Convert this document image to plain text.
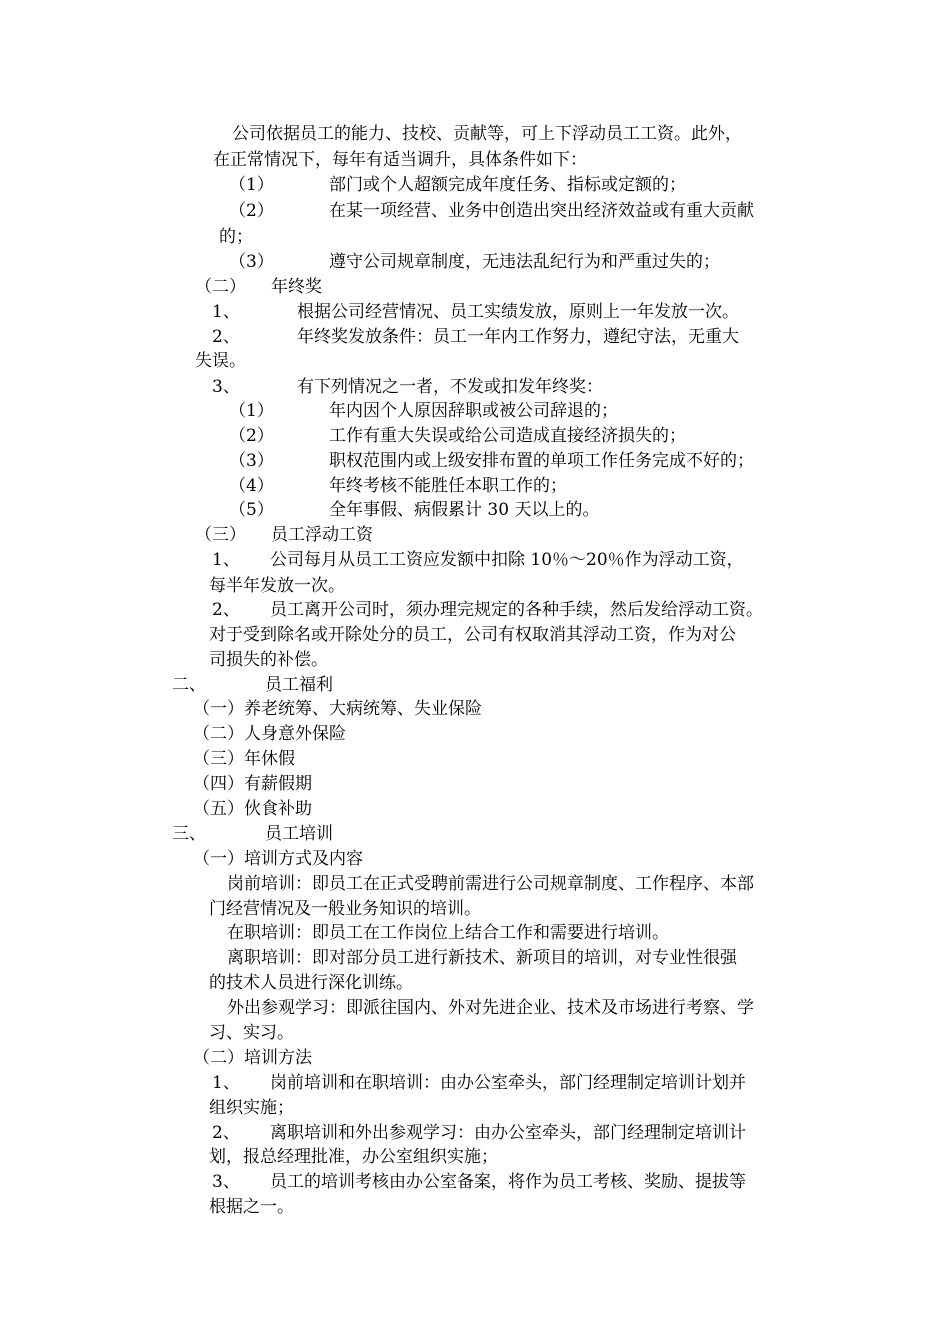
公司依据员工的能力、技校、贡献等，可上下浮动员工工资。此外，
在正常情况下，每年有适当调升，具体条件如下：
（1）	部门或个人超额完成年度任务、指标或定额的；
（2）	在某一项经营、业务中创造出突出经济效益或有重大贡献
的；
（3）	遵守公司规章制度，无违法乱纪行为和严重过失的；
（二） 年终奖
1、	根据公司经营情况、员工实绩发放，原则上一年发放一次。
2、	年终奖发放条件：员工一年内工作努力，遵纪守法，无重大
失误。
3、	有下列情况之一者，不发或扣发年终奖：
（1）	年内因个人原因辞职或被公司辞退的；
（2）	工作有重大失误或给公司造成直接经济损失的；
（3）	职权范围内或上级安排布置的单项工作任务完成不好的；
（4）	年终考核不能胜任本职工作的；
（5）	全年事假、病假累计 30 天以上的。
（三） 员工浮动工资
1、 公司每月从员工工资应发额中扣除 10％～20％作为浮动工资，
每半年发放一次。
2、 员工离开公司时，须办理完规定的各种手续，然后发给浮动工资。
对于受到除名或开除处分的员工，公司有权取消其浮动工资，作为对公
司损失的补偿。
二、	员工福利
（一）养老统筹、大病统筹、失业保险
（二）人身意外保险
（三）年休假
（四）有薪假期
（五）伙食补助
三、	员工培训
（一）培训方式及内容
岗前培训：即员工在正式受聘前需进行公司规章制度、工作程序、本部
门经营情况及一般业务知识的培训。
在职培训：即员工在工作岗位上结合工作和需要进行培训。
离职培训：即对部分员工进行新技术、新项目的培训，对专业性很强
的技术人员进行深化训练。
外出参观学习：即派往国内、外对先进企业、技术及市场进行考察、学
习、实习。
（二）培训方法
1、 岗前培训和在职培训：由办公室牵头，部门经理制定培训计划并
组织实施；
2、 离职培训和外出参观学习：由办公室牵头，部门经理制定培训计
划，报总经理批准，办公室组织实施；
3、 员工的培训考核由办公室备案，将作为员工考核、奖励、提拔等
根据之一。
